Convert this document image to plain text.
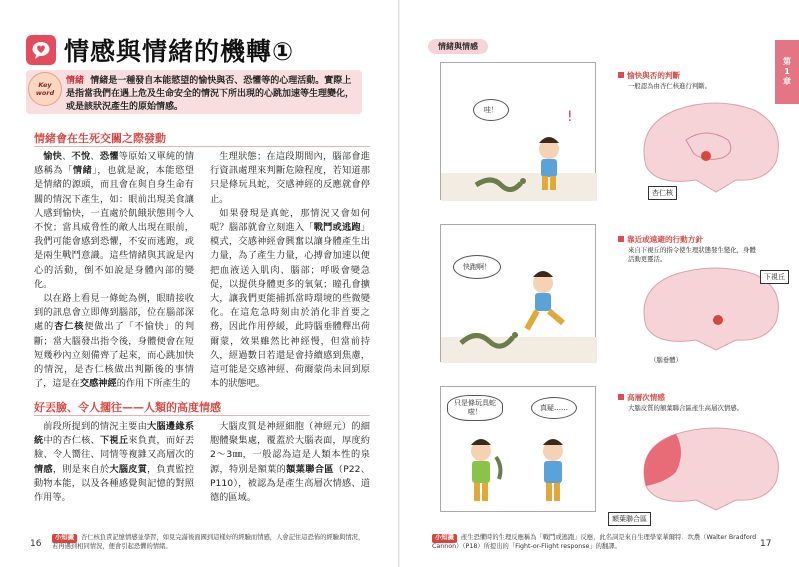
情感與情緒的機轉①
Key
word
情緒 情緒是一種發自本能慾望的愉快與否、恐懼等的心理活動。實際上是指當我們在遇上危及生命安全的情況下所出現的心跳加速等生理變化，或是該狀況產生的原始情感。
情緒會在生死交關之際發動

愉快、不悅、恐懼等原始又單純的情感稱為「情緒」，也就是說，本能慾望是情緒的源頭，而且會在與自身生命有關的情況下產生，如：眼前出現美食讓人感到愉快，一直處於飢餓狀態則令人不悅；當具威脅性的敵人出現在眼前，我們可能會感到恐懼，不安而逃跑，或是兩生戰鬥意識。這些情緒與其說是內心的活動，倒不如說是身體內部的變化。

以在路上看見一條蛇為例，眼睛接收到的訊息會立即傳到腦部，位在腦部深處的杏仁核便做出了「不愉快」的判斷；當大腦發出指令後，身體便會在短短幾秒內立刻備齊了起來，而心跳加快的情況，是杏仁核做出判斷後的事情了，這是在交感神經的作用下所產生的

生理狀態；在這段期間內，腦部會進行資訊處理來判斷危險程度，若知道那只是條玩具蛇，交感神經的反應就會停止。

如果發現是真蛇，那情況又會如何呢？腦部就會立刻進入「戰鬥或逃跑」模式，交感神經會興奮以讓身體產生出力量，為了產生力量，心搏會加速以便把血液送入肌肉、腦部；呼吸會變急促，以提供身體更多的氧氣；瞳孔會擴大，讓我們更能捕抓當時環境的些微變化。在這危急時刻由於消化非首要之務，因此作用停緩，此時腦垂體釋出荷爾蒙，效果雖然比神經慢，但當前持久，經過數日若還是會持續感到焦慮，這可能是交感神經、荷爾蒙尚未回到原本的狀態吧。

好丟臉、令人擱往——人類的高度情感

前段所提到的情況主要由大腦邊緣系統中的杏仁核、下視丘來負責，而好丟臉、令人嚮往、同情等複雜又高層次的情感，則是來自於大腦皮質，負責監控動物本能，以及各種感覺與記憶的對照作用等。

大腦皮質是神經細胞（神經元）的細胞體聚集處，覆蓋於大腦表面，厚度約2～3㎜，一般認為這是人類本性的泉源，特別是額葉的額葉聯合區（P22、P110），被認為是產生高層次情感、道德的區域。

16
小知識 杏仁核負責記憶情感並學習，如見完滿後面國到這樣好的經驗而情感，人會記住這恐怖的經驗與情況，若再遇到相同情況，便會引起恐懼的情緒。
情緒與情感
第
1
章
!
哇！
快跑啊！
只是條玩具蛇啦！
真疑……
愉快與否的判斷
一般認為由杏仁核進行判斷。
杏仁核
靠近或遠避的行動方針
來自下視丘的指令使生理狀態發生變化，身體活動更靈活。
下視丘
（腦垂體）
高層次情感
大腦皮質的額葉聯合區產生高層次情感。
額葉聯合區
小知識 產生恐懼時的生理反應稱為「戰鬥或逃跑」反應，此名詞是來自生理學家華爾特．坎農（Walter Bradford Cannon）（P18）所提出的「Fight-or-Flight response」的翻譯。	17
